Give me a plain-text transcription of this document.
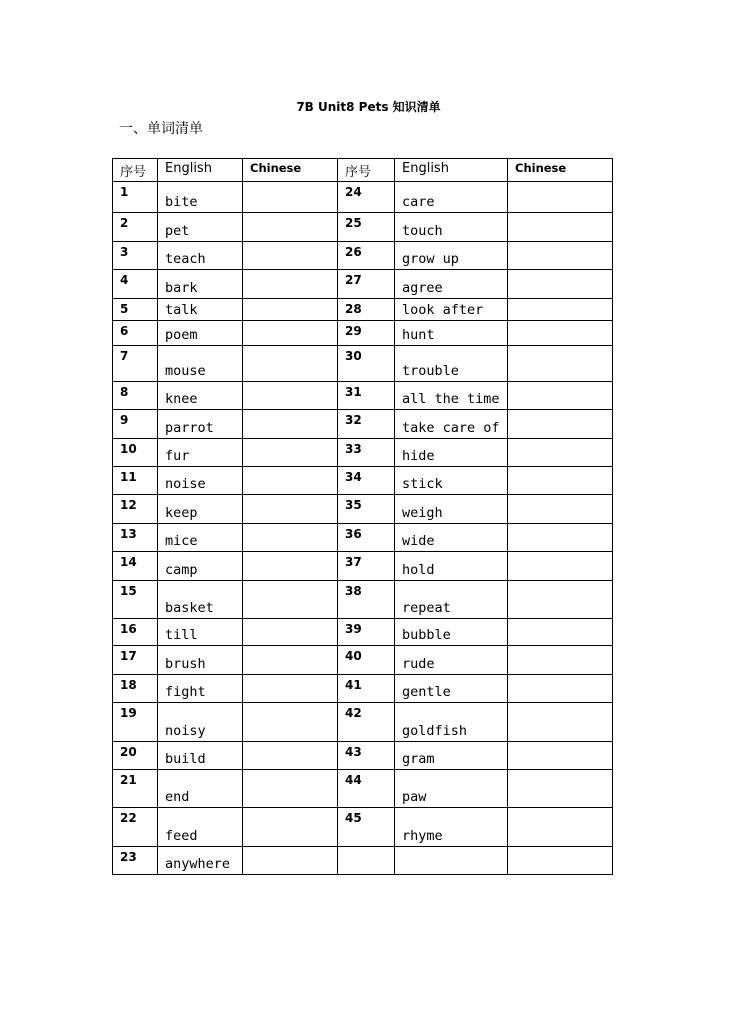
7B Unit8 Pets 知识清单
一、单词清单
序号	English	Chinese	序号	English	Chinese
1	bite		24	care	
2	pet		25	touch	
3	teach		26	grow up	
4	bark		27	agree	
5	talk		28	look after	
6	poem		29	hunt	
7	mouse		30	trouble	
8	knee		31	all the time	
9	parrot		32	take care of	
10	fur		33	hide	
11	noise		34	stick	
12	keep		35	weigh	
13	mice		36	wide	
14	camp		37	hold	
15	basket		38	repeat	
16	till		39	bubble	
17	brush		40	rude	
18	fight		41	gentle	
19	noisy		42	goldfish	
20	build		43	gram	
21	end		44	paw	
22	feed		45	rhyme	
23	anywhere				
